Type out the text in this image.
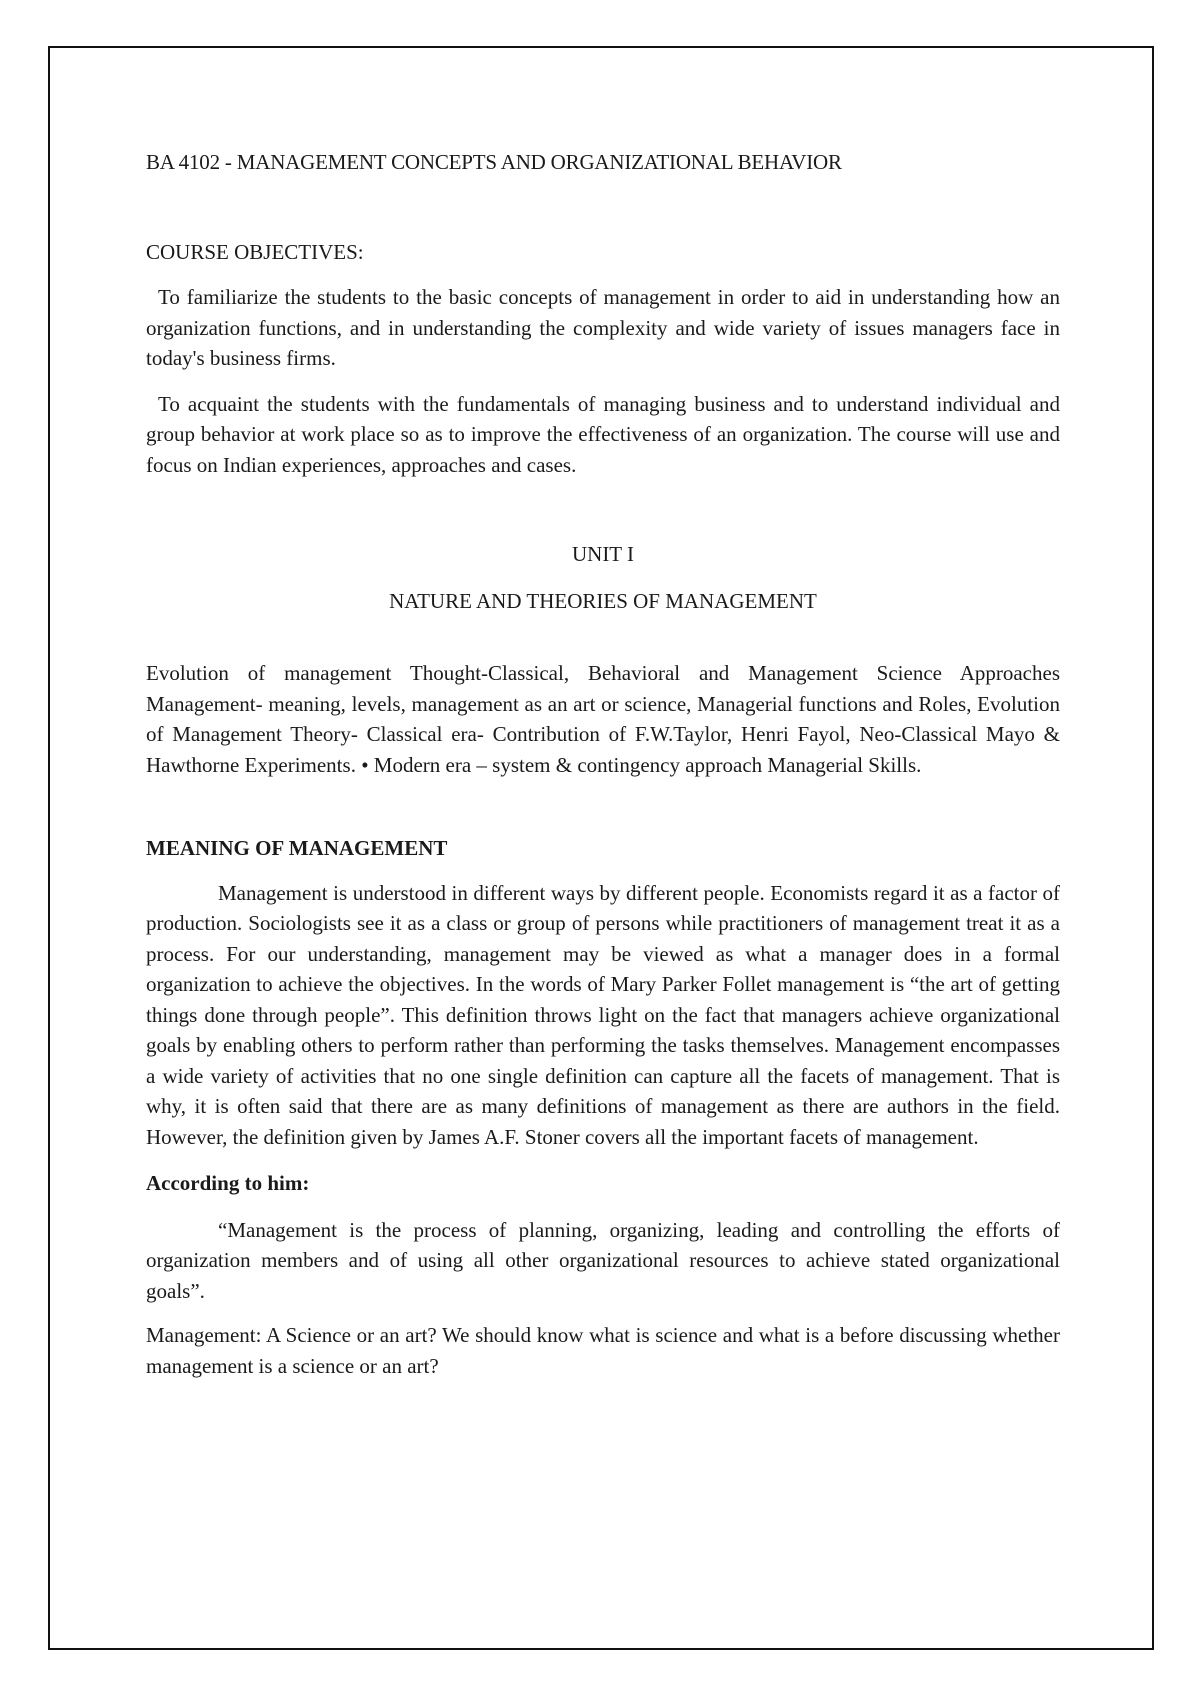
BA 4102 - MANAGEMENT CONCEPTS AND ORGANIZATIONAL BEHAVIOR

COURSE OBJECTIVES:

To familiarize the students to the basic concepts of management in order to aid in understanding how an organization functions, and in understanding the complexity and wide variety of issues managers face in today's business firms.

To acquaint the students with the fundamentals of managing business and to understand individual and group behavior at work place so as to improve the effectiveness of an organization. The course will use and focus on Indian experiences, approaches and cases.

UNIT I

NATURE AND THEORIES OF MANAGEMENT

Evolution of management Thought-Classical, Behavioral and Management Science Approaches Management- meaning, levels, management as an art or science, Managerial functions and Roles, Evolution of Management Theory- Classical era- Contribution of F.W.Taylor, Henri Fayol, Neo-Classical Mayo & Hawthorne Experiments. • Modern era – system & contingency approach Managerial Skills.

MEANING OF MANAGEMENT

Management is understood in different ways by different people. Economists regard it as a factor of production. Sociologists see it as a class or group of persons while practitioners of management treat it as a process. For our understanding, management may be viewed as what a manager does in a formal organization to achieve the objectives. In the words of Mary Parker Follet management is “the art of getting things done through people”. This definition throws light on the fact that managers achieve organizational goals by enabling others to perform rather than performing the tasks themselves. Management encompasses a wide variety of activities that no one single definition can capture all the facets of management. That is why, it is often said that there are as many definitions of management as there are authors in the field. However, the definition given by James A.F. Stoner covers all the important facets of management.

According to him:

“Management is the process of planning, organizing, leading and controlling the efforts of organization members and of using all other organizational resources to achieve stated organizational goals”.

Management: A Science or an art? We should know what is science and what is a before discussing whether management is a science or an art?
